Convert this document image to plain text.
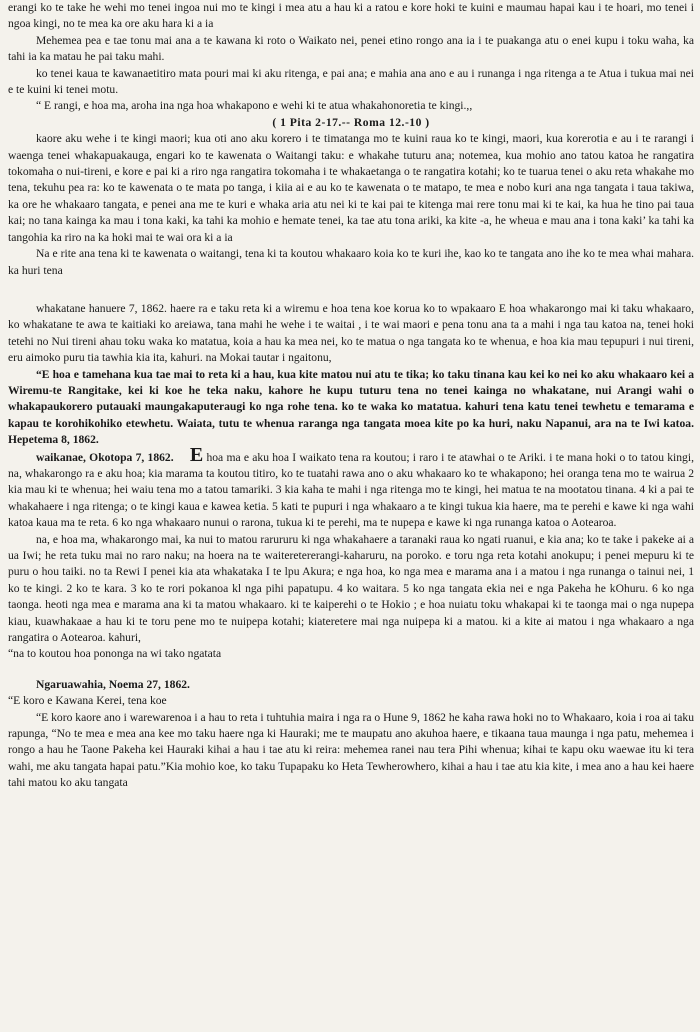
erangi ko te take he wehi mo tenei ingoa nui mo te kingi i mea atu a hau ki a ratou e kore hoki te kuini e maumau hapai kau i te hoari, mo tenei i ngoa kingi, no te mea ka ore aku hara ki a ia

Mehemea pea e tae tonu mai ana a te kawana ki roto o Waikato nei, penei etino rongo ana ia i te puakanga atu o enei kupu i toku waha, ka tahi ia ka matau he pai taku mahi.

ko tenei kaua te kawanaetitiro mata pouri mai ki aku ritenga, e pai ana; e mahia ana ano e au i runanga i nga ritenga a te Atua i tukua mai nei e te kuini ki tenei motu.

“ E rangi, e hoa ma, aroha ina nga hoa whakapono e wehi ki te atua whakahonoretia te kingi.,,

( 1 Pita 2-17.-- Roma 12.-10 )

kaore aku wehe i te kingi maori; kua oti ano aku korero i te timatanga mo te kuini raua ko te kingi, maori, kua korerotia e au i te rarangi i waenga tenei whakapuakauga, engari ko te kawenata o Waitangi taku: e whakahe tuturu ana; notemea, kua mohio ano tatou katoa he rangatira tokomaha o nui-tireni, e kore e pai ki a riro nga rangatira tokomaha i te whakaetanga o te rangatira kotahi; ko te tuarua tenei o aku reta whakahe mo tena, tekuhu pea ra: ko te kawenata o te mata po tanga, i kiia ai e au ko te kawenata o te matapo, te mea e nobo kuri ana nga tangata i taua takiwa, ka ore he whakaaro tangata, e penei ana me te kuri e whaka aria atu nei ki te kai pai te kitenga mai rere tonu mai ki te kai, ka hua he tino pai taua kai; no tana kainga ka mau i tona kaki, ka tahi ka mohio e hemate tenei, ka tae atu tona ariki, ka kite -a, he wheua e mau ana i tona kaki’ ka tahi ka tangohia ka riro na ka hoki mai te wai ora ki a ia

Na e rite ana tena ki te kawenata o waitangi, tena ki ta koutou whakaaro koia ko te kuri ihe, kao ko te tangata ano ihe ko te mea whai mahara. ka huri tena

whakatane hanuere 7, 1862. haere ra e taku reta ki a wiremu e hoa tena koe korua ko to wpakaaro E hoa whakarongo mai ki taku whakaaro, ko whakatane te awa te kaitiaki ko areiawa, tana mahi he wehe i te waitai , i te wai maori e pena tonu ana ta a mahi i nga tau katoa na, tenei hoki tetehi no Nui tireni ahau toku waka ko matatua, koia a hau ka mea nei, ko te matua o nga tangata ko te whenua, e hoa kia mau tepupuri i nui tireni, eru aimoko puru tia tawhia kia ita, kahuri. na Mokai tautar i ngaitonu,

“E hoa e tamehana kua tae mai to reta ki a hau, kua kite matou nui atu te tika; ko taku tinana kau kei ko nei ko aku whakaaro kei a Wiremu-te Rangitake, kei ki koe he teka naku, kahore he kupu tuturu tena no tenei kainga no whakatane, nui Arangi wahi o whakapaukorero putauaki maungakaputeraugi ko nga rohe tena. ko te waka ko matatua. kahuri tena katu tenei tewhetu e temarama e kapau te korohikohiko etewhetu. Waiata, tutu te whenua raranga nga tangata moea kite po ka huri, naku Napanui, ara na te Iwi katoa. Hepetema 8, 1862.

waikanae, Okotopa 7, 1862. E hoa ma e aku hoa I waikato tena ra koutou; i raro i te atawhai o te Ariki. i te mana hoki o to tatou kingi, na, whakarongo ra e aku hoa; kia marama ta koutou titiro, ko te tuatahi rawa ano o aku whakaaro ko te whakapono; hei oranga tena mo te wairua 2 kia mau ki te whenua; hei waiu tena mo a tatou tamariki. 3 kia kaha te mahi i nga ritenga mo te kingi, hei matua te na mootatou tinana. 4 ki a pai te whakahaere i nga ritenga; o te kingi kaua e kawea ketia. 5 kati te pupuri i nga whakaaro a te kingi tukua kia haere, ma te perehi e kawe ki nga wahi katoa kaua ma te reta. 6 ko nga whakaaro nunui o rarona, tukua ki te perehi, ma te nupepa e kawe ki nga runanga katoa o Aotearoa.

na, e hoa ma, whakarongo mai, ka nui to matou rarururu ki nga whakahaere a taranaki raua ko ngati ruanui, e kia ana; ko te take i pakeke ai a ua Iwi; he reta tuku mai no raro naku; na hoera na te waiteretererangi-kaharuru, na poroko. e toru nga reta kotahi anokupu; i penei mepuru ki te puru o hou taiki. no ta Rewi I penei kia ata whakataka I te lpu Akura; e nga hoa, ko nga mea e marama ana i a matou i nga runanga o tainui nei, 1 ko te kingi. 2 ko te kara. 3 ko te rori pokanoa kl nga pihi papatupu. 4 ko waitara. 5 ko nga tangata ekia nei e nga Pakeha he kOhuru. 6 ko nga taonga. heoti nga mea e marama ana ki ta matou whakaaro. ki te kaiperehi o te Hokio ; e hoa nuiatu toku whakapai ki te taonga mai o nga nupepa kiau, kuawhakaae a hau ki te toru pene mo te nuipepa kotahi; kiateretere mai nga nuipepa ki a matou. ki a kite ai matou i nga whakaaro a nga rangatira o Aotearoa. kahuri,

“na to koutou hoa pononga na wi tako ngatata

Ngaruawahia, Noema 27, 1862.

“E koro e Kawana Kerei, tena koe

“E koro kaore ano i warewarenoa i a hau to reta i tuhtuhia maira i nga ra o Hune 9, 1862 he kaha rawa hoki no to Whakaaro, koia i roa ai taku rapunga, “No te mea e mea ana kee mo taku haere nga ki Hauraki; me te maupatu ano akuhoa haere, e tikaana taua maunga i nga patu, mehemea i rongo a hau he Taone Pakeha kei Hauraki kihai a hau i tae atu ki reira: mehemea ranei nau tera Pihi whenua; kihai te kapu oku waewae itu ki tera wahi, me aku tangata hapai patu.”Kia mohio koe, ko taku Tupapaku ko Heta Tewherowhero, kihai a hau i tae atu kia kite, i mea ano a hau kei haere tahi matou ko aku tangata
